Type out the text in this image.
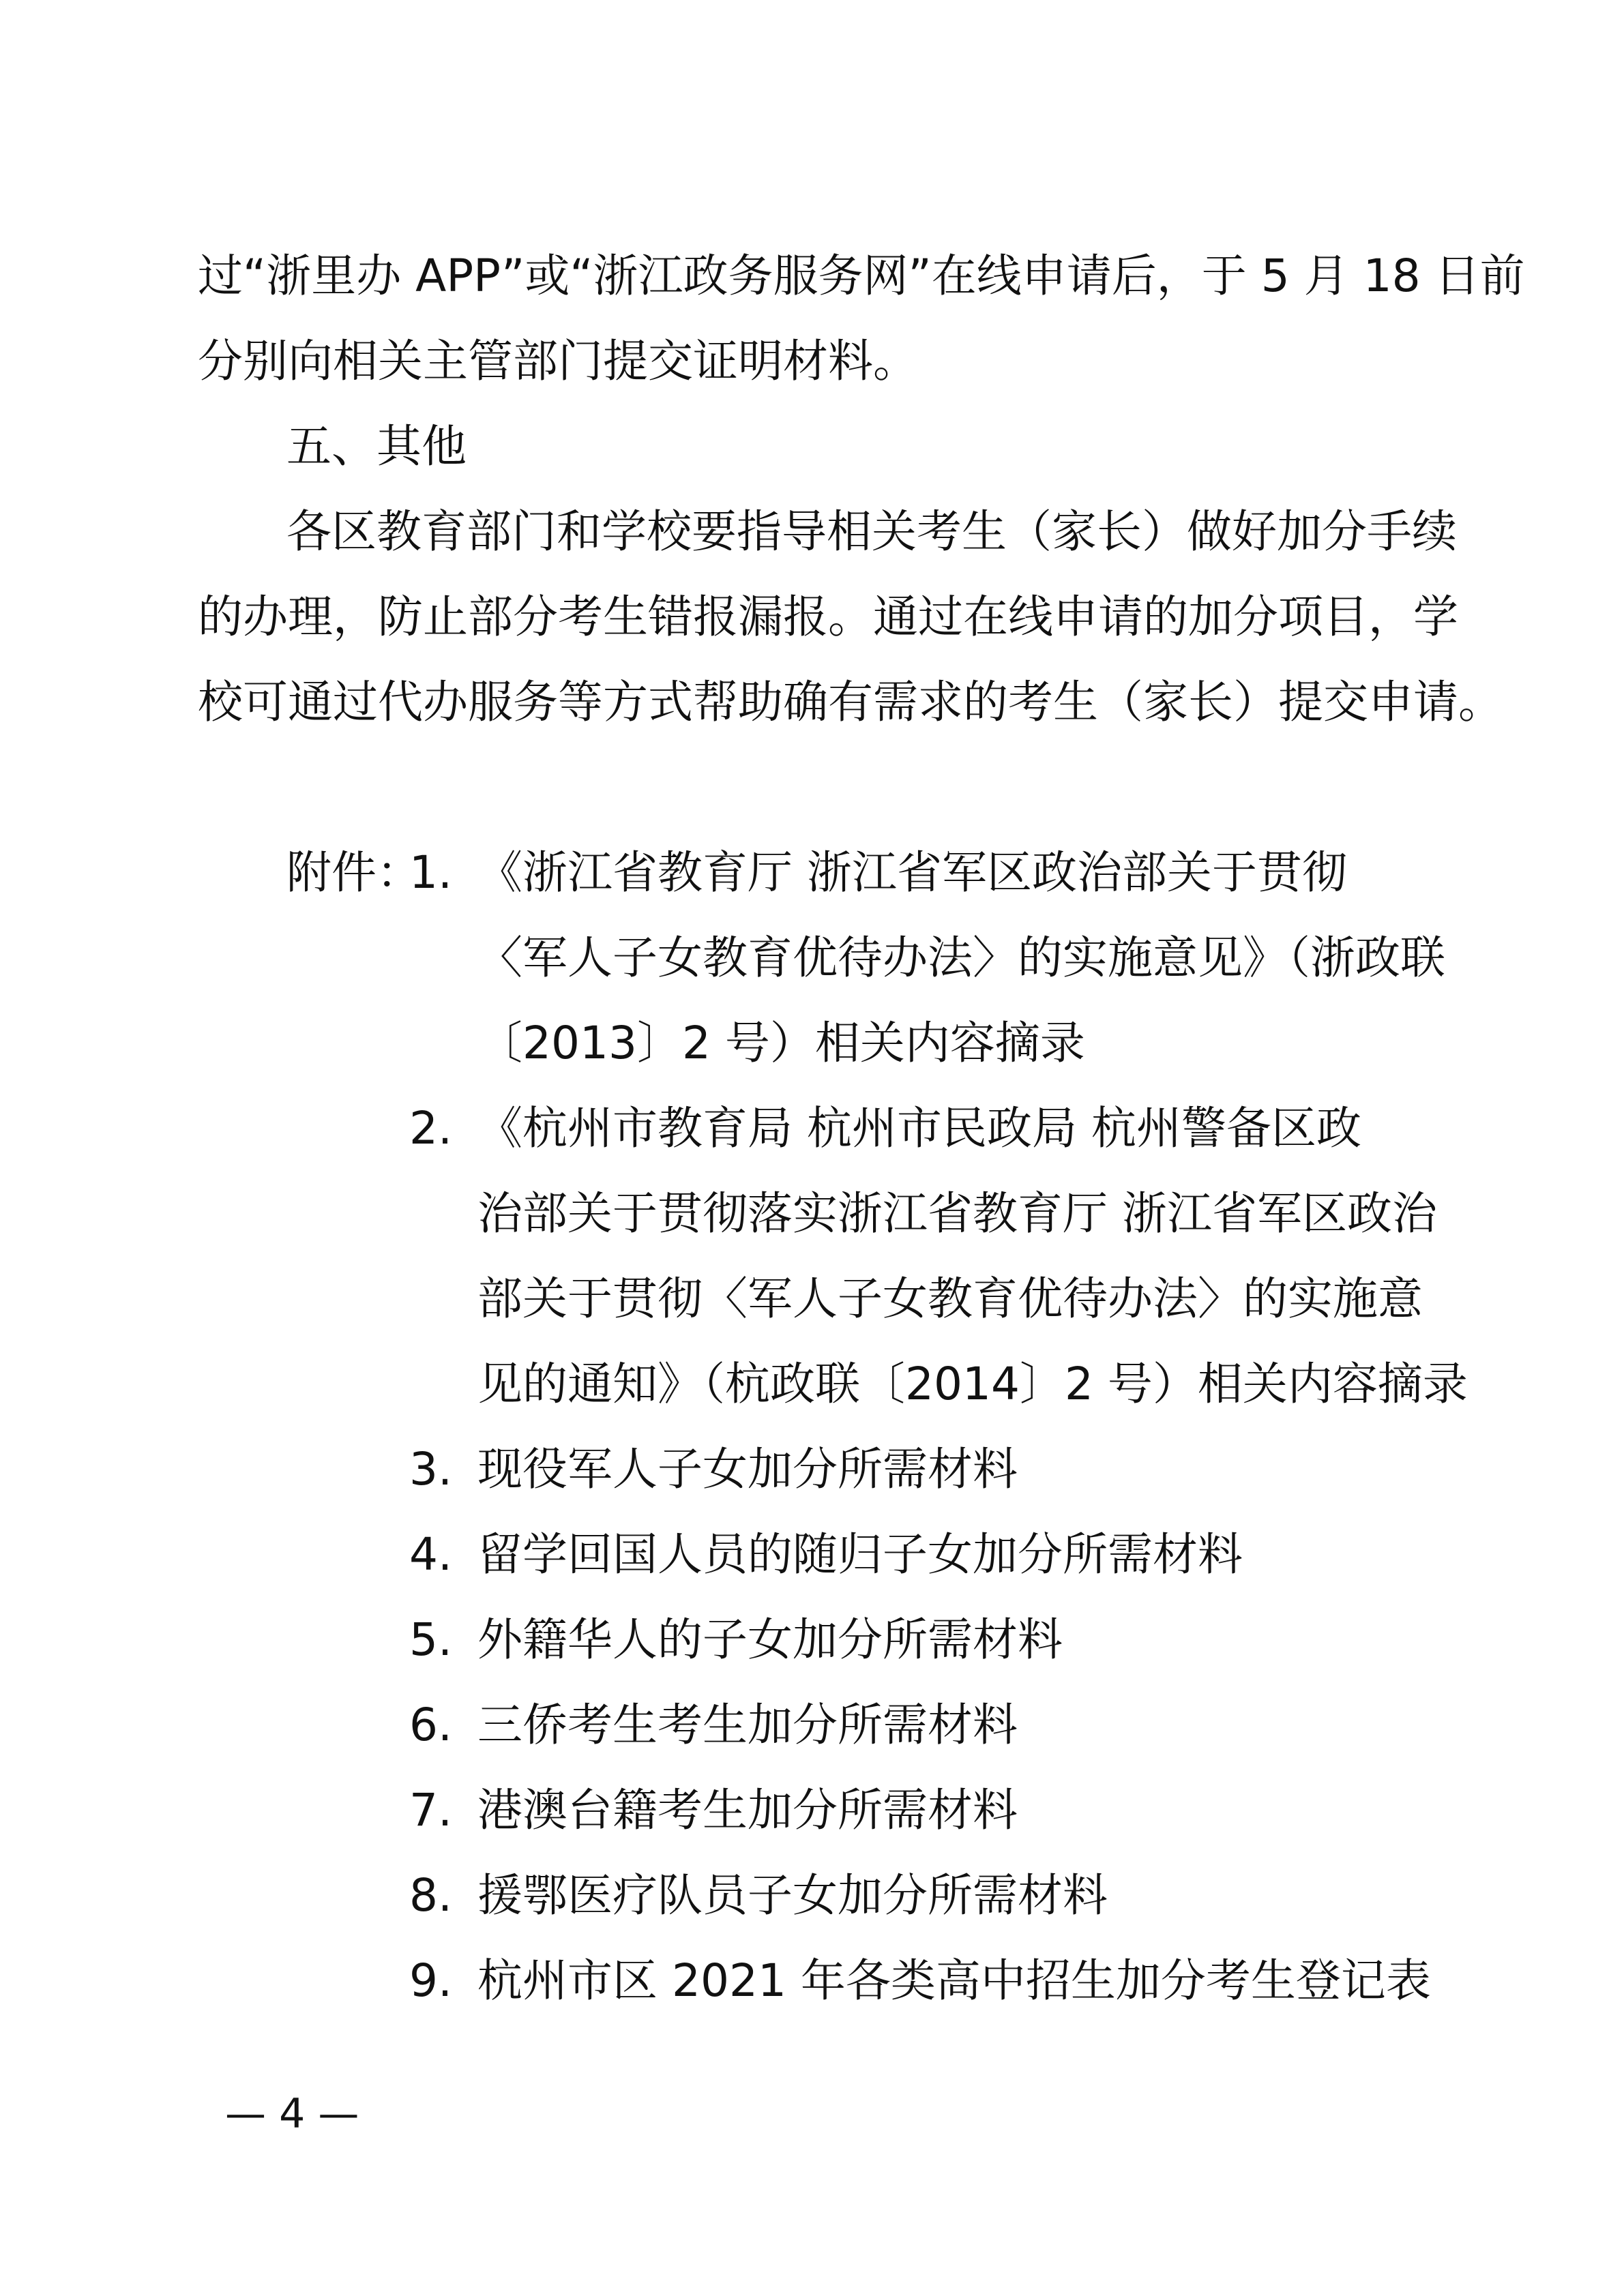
过“浙里办 APP”或“浙江政务服务网”在线申请后，于 5 月 18 日前
分别向相关主管部门提交证明材料。
五、其他
各区教育部门和学校要指导相关考生（家长）做好加分手续
的办理，防止部分考生错报漏报。通过在线申请的加分项目，学
校可通过代办服务等方式帮助确有需求的考生（家长）提交申请。
附件：
1. 《浙江省教育厅 浙江省军区政治部关于贯彻
〈军人子女教育优待办法〉的实施意见》（浙政联
〔2013〕2 号）相关内容摘录
2. 《杭州市教育局 杭州市民政局 杭州警备区政
治部关于贯彻落实浙江省教育厅 浙江省军区政治
部关于贯彻〈军人子女教育优待办法〉的实施意
见的通知》（杭政联〔2014〕2 号）相关内容摘录
3. 现役军人子女加分所需材料
4. 留学回国人员的随归子女加分所需材料
5. 外籍华人的子女加分所需材料
6. 三侨考生考生加分所需材料
7. 港澳台籍考生加分所需材料
8. 援鄂医疗队员子女加分所需材料
9. 杭州市区 2021 年各类高中招生加分考生登记表
— 4 —
